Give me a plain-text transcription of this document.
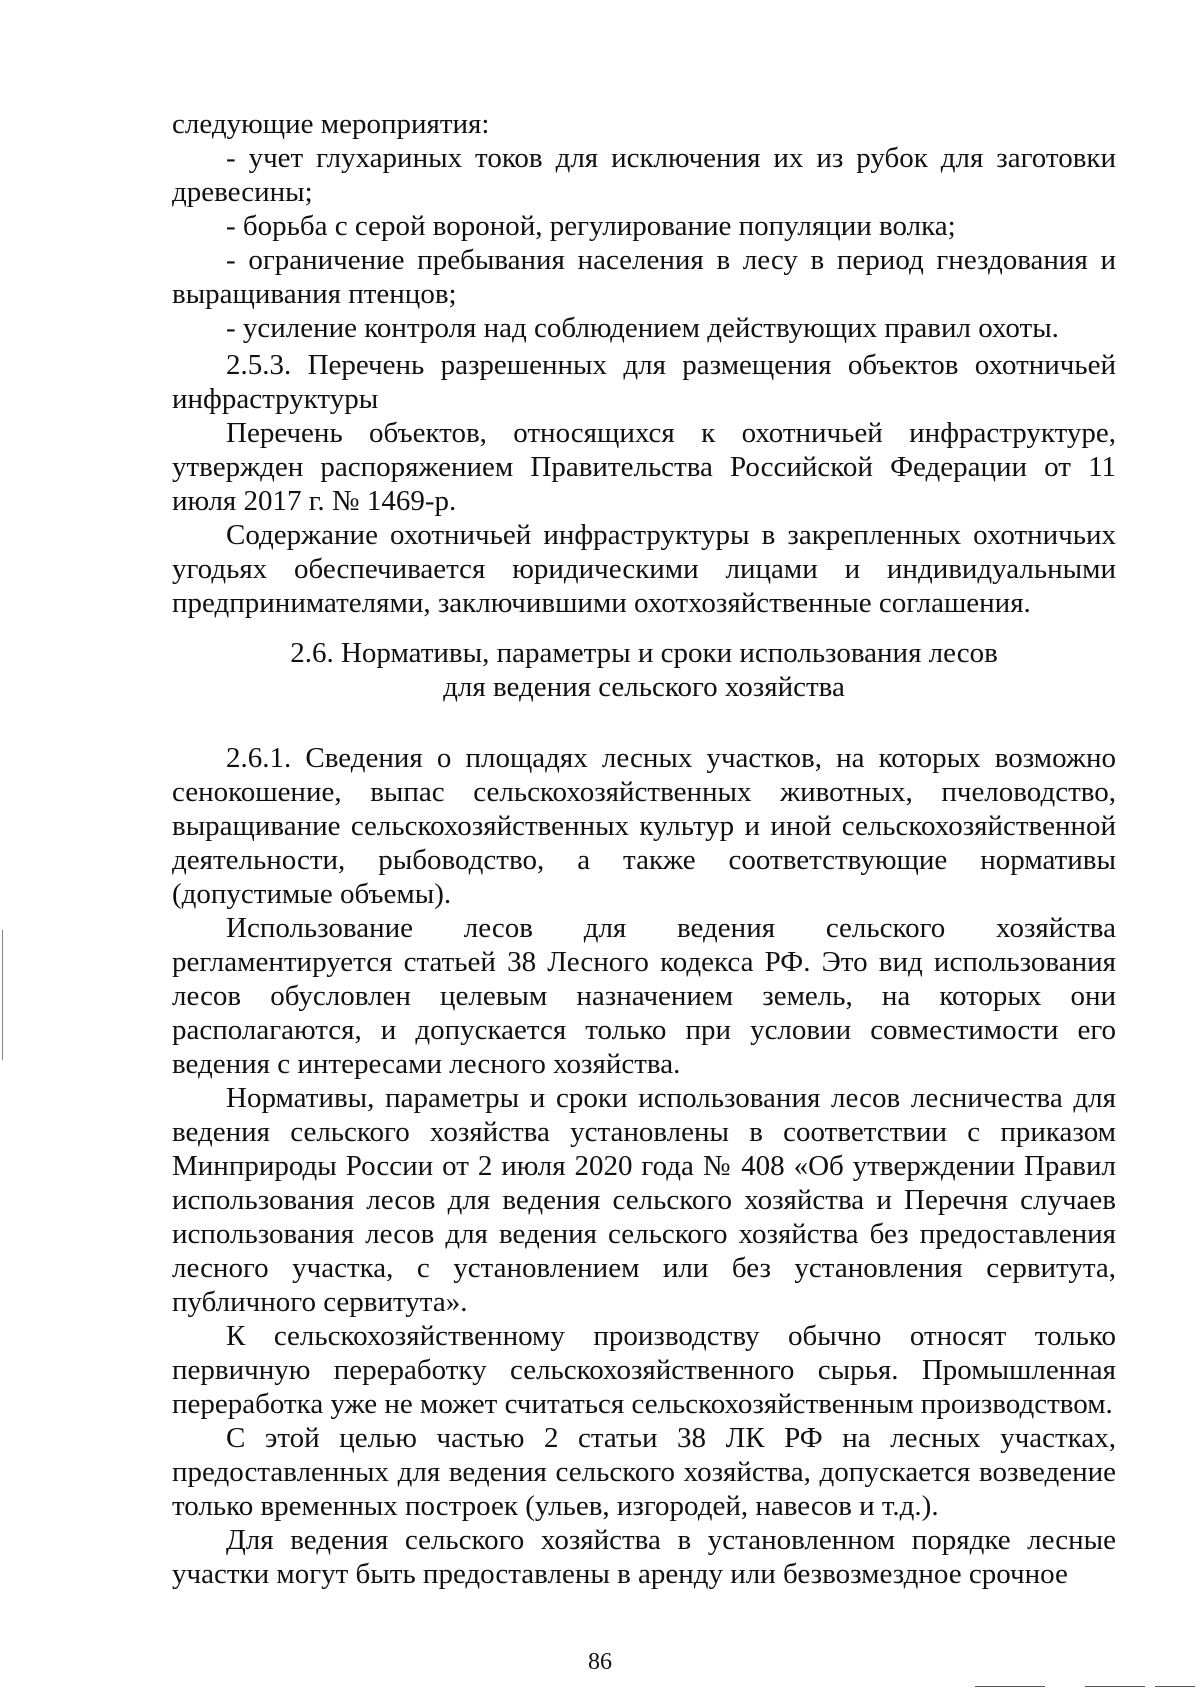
следующие мероприятия:

- учет глухариных токов для исключения их из рубок для заготовки древесины;

- борьба с серой вороной, регулирование популяции волка;

- ограничение пребывания населения в лесу в период гнездования и выращивания птенцов;

- усиление контроля над соблюдением действующих правил охоты.

2.5.3. Перечень разрешенных для размещения объектов охотничьей инфраструктуры

Перечень объектов, относящихся к охотничьей инфраструктуре, утвержден распоряжением Правительства Российской Федерации от 11 июля 2017 г. № 1469-р.

Содержание охотничьей инфраструктуры в закрепленных охотничьих угодьях обеспечивается юридическими лицами и индивидуальными предпринимателями, заключившими охотхозяйственные соглашения.

2.6. Нормативы, параметры и сроки использования лесов

для ведения сельского хозяйства

2.6.1. Сведения о площадях лесных участков, на которых возможно сенокошение, выпас сельскохозяйственных животных, пчеловодство, выращивание сельскохозяйственных культур и иной сельскохозяйственной деятельности, рыбоводство, а также соответствующие нормативы (допустимые объемы).

Использование лесов для ведения сельского хозяйства регламентируется статьей 38 Лесного кодекса РФ. Это вид использования лесов обусловлен целевым назначением земель, на которых они располагаются, и допускается только при условии совместимости его ведения с интересами лесного хозяйства.

Нормативы, параметры и сроки использования лесов лесничества для ведения сельского хозяйства установлены в соответствии с приказом Минприроды России от 2 июля 2020 года № 408 «Об утверждении Правил использования лесов для ведения сельского хозяйства и Перечня случаев использования лесов для ведения сельского хозяйства без предоставления лесного участка, с установлением или без установления сервитута, публичного сервитута».

К сельскохозяйственному производству обычно относят только первичную переработку сельскохозяйственного сырья. Промышленная переработка уже не может считаться сельскохозяйственным производством.

С этой целью частью 2 статьи 38 ЛК РФ на лесных участках, предоставленных для ведения сельского хозяйства, допускается возведение только временных построек (ульев, изгородей, навесов и т.д.).

Для ведения сельского хозяйства в установленном порядке лесные участки могут быть предоставлены в аренду или безвозмездное срочное

86
